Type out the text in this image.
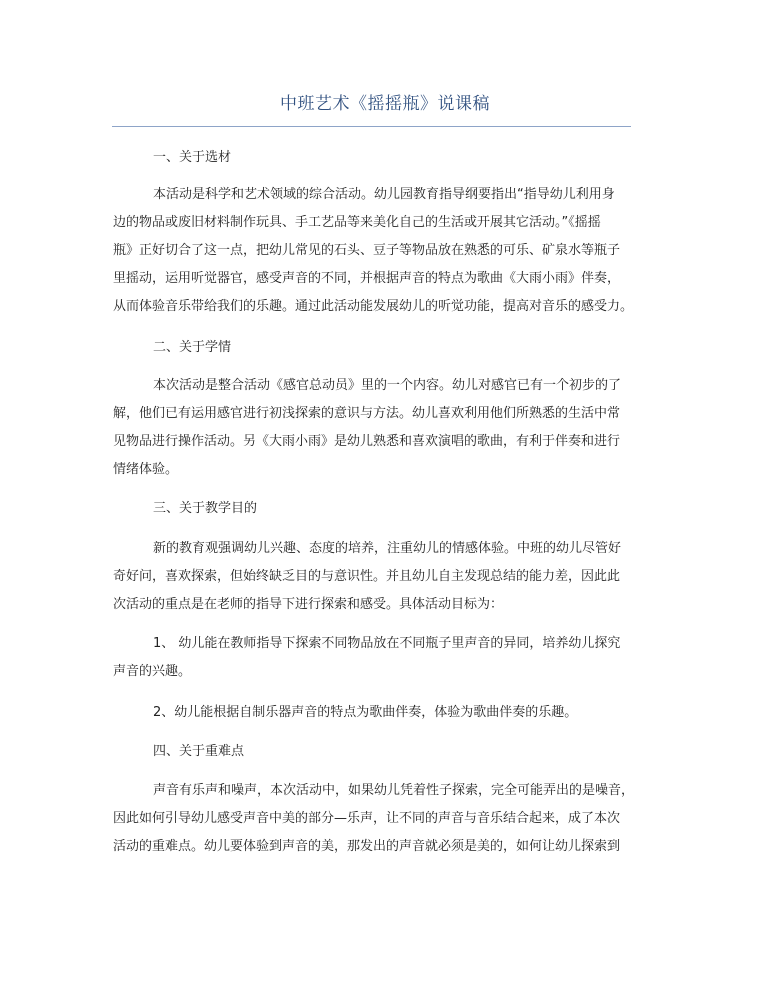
中班艺术《摇摇瓶》说课稿
一、关于选材
本活动是科学和艺术领域的综合活动。幼儿园教育指导纲要指出“指导幼儿利用身
边的物品或废旧材料制作玩具、手工艺品等来美化自己的生活或开展其它活动。”《摇摇
瓶》正好切合了这一点，把幼儿常见的石头、豆子等物品放在熟悉的可乐、矿泉水等瓶子
里摇动，运用听觉器官，感受声音的不同，并根据声音的特点为歌曲《大雨小雨》伴奏，
从而体验音乐带给我们的乐趣。通过此活动能发展幼儿的听觉功能，提高对音乐的感受力。
二、关于学情
本次活动是整合活动《感官总动员》里的一个内容。幼儿对感官已有一个初步的了
解，他们已有运用感官进行初浅探索的意识与方法。幼儿喜欢利用他们所熟悉的生活中常
见物品进行操作活动。另《大雨小雨》是幼儿熟悉和喜欢演唱的歌曲，有利于伴奏和进行
情绪体验。
三、关于教学目的
新的教育观强调幼儿兴趣、态度的培养，注重幼儿的情感体验。中班的幼儿尽管好
奇好问，喜欢探索，但始终缺乏目的与意识性。并且幼儿自主发现总结的能力差，因此此
次活动的重点是在老师的指导下进行探索和感受。具体活动目标为：
1、 幼儿能在教师指导下探索不同物品放在不同瓶子里声音的异同，培养幼儿探究
声音的兴趣。
2、幼儿能根据自制乐器声音的特点为歌曲伴奏，体验为歌曲伴奏的乐趣。
四、关于重难点
声音有乐声和噪声，本次活动中，如果幼儿凭着性子探索，完全可能弄出的是噪音，
因此如何引导幼儿感受声音中美的部分—乐声，让不同的声音与音乐结合起来，成了本次
活动的重难点。幼儿要体验到声音的美，那发出的声音就必须是美的，如何让幼儿探索到
